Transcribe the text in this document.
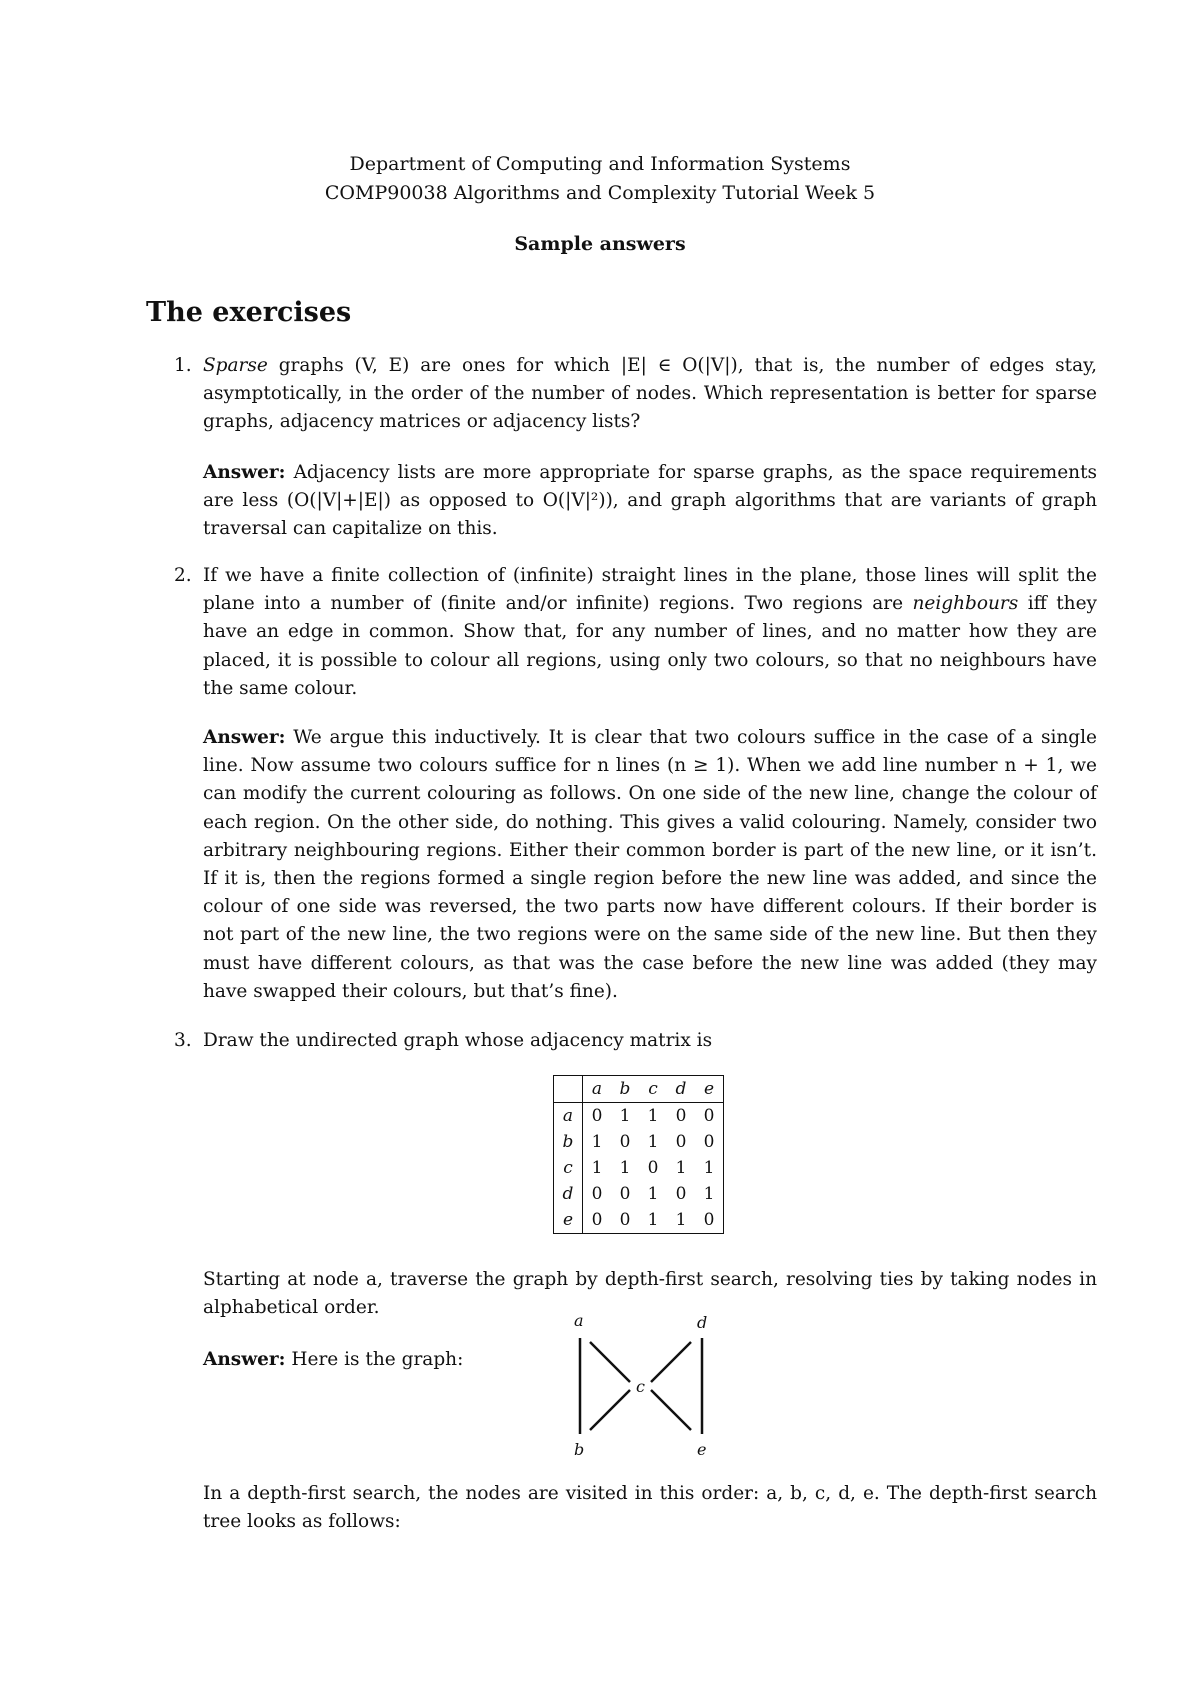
Department of Computing and Information Systems
COMP90038 Algorithms and Complexity Tutorial Week 5
Sample answers
The exercises
1. Sparse graphs (V, E) are ones for which |E| ∈ O(|V|), that is, the number of edges stay, asymptotically, in the order of the number of nodes. Which representation is better for sparse graphs, adjacency matrices or adjacency lists?
Answer: Adjacency lists are more appropriate for sparse graphs, as the space requirements are less (O(|V|+|E|) as opposed to O(|V|²)), and graph algorithms that are variants of graph traversal can capitalize on this.
2. If we have a finite collection of (infinite) straight lines in the plane, those lines will split the plane into a number of (finite and/or infinite) regions. Two regions are neighbours iff they have an edge in common. Show that, for any number of lines, and no matter how they are placed, it is possible to colour all regions, using only two colours, so that no neighbours have the same colour.
Answer: We argue this inductively. It is clear that two colours suffice in the case of a single line. Now assume two colours suffice for n lines (n ≥ 1). When we add line number n + 1, we can modify the current colouring as follows. On one side of the new line, change the colour of each region. On the other side, do nothing. This gives a valid colouring. Namely, consider two arbitrary neighbouring regions. Either their common border is part of the new line, or it isn’t. If it is, then the regions formed a single region before the new line was added, and since the colour of one side was reversed, the two parts now have different colours. If their border is not part of the new line, the two regions were on the same side of the new line. But then they must have different colours, as that was the case before the new line was added (they may have swapped their colours, but that’s fine).
3. Draw the undirected graph whose adjacency matrix is
	a	b	c	d	e
a	0	1	1	0	0
b	1	0	1	0	0
c	1	1	0	1	1
d	0	0	1	0	1
e	0	0	1	1	0
Starting at node a, traverse the graph by depth-first search, resolving ties by taking nodes in alphabetical order.
Answer: Here is the graph:
a
b
c
d
e
In a depth-first search, the nodes are visited in this order: a, b, c, d, e. The depth-first search tree looks as follows:
